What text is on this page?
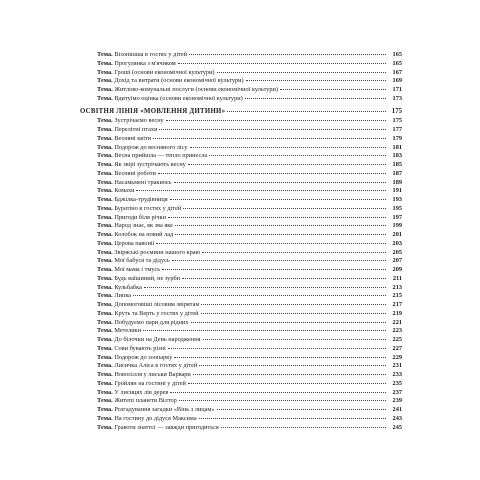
Тема. Візонішша в гостях у дітей	165
Тема. Прогулянка з м'ячиком	165
Тема. Гроші (основи економічної культури)	167
Тема. Дохід та витрати (основи економічної культури)	169
Тема. Житлово-комунальні послуги (основи економічної культури)	171
Тема. Вдитуїмо оцінка (основи економічної культури)	173
ОСВІТНЯ ЛІНІЯ «МОВЛЕННЯ ДИТИНИ»	175
Тема. Зустрічаємо весну	175
Тема. Перелітні птахи	177
Тема. Весняні квіти	179
Тема. Подорож до весняного лісу	181
Тема. Весна прийшла — тепло принесла	183
Тема. Як звірі зустрічають весну	185
Тема. Весняні роботи	187
Тема. Насамьмені тракиоєь	189
Тема. Комахи	191
Тема. Бджілка-трудівниця	193
Тема. Буратіно в гостях у дітей	195
Тема. Пригоди біля річки	197
Тема. Народ знає, як зва яке	199
Тема. Колобок на новий лад	201
Тема. Церова павоніі	203
Тема. Звіряські росмини нашого краю	205
Тема. Мої бабуся та дідусь	207
Тема. Мої мама і тмусь	209
Тема. Будь ваїшиний, не зурбн	211
Тема. Кульбабка	213
Тема. Липка	215
Тема. Допомоговіші лісовим звірятам	217
Тема. Круть та Верть у гостях у дітей	219
Тема. Побудуємо пари для рідних	221
Тема. Метелики	223
Тема. До білочки на День народження	225
Тема. Сови бувають різні	227
Тема. Подорож до зоопарку	229
Тема. Лисичка Аліса в гостях у дітей	231
Тема. Новосілля у лиськи Варвари	233
Тема. Гройлян на гостині у дітей	235
Тема. У лисицях лів дерев	237
Тема. Житепі планети Вілтор	239
Тема. Розгадування загадки «Вінь з лицам»	241
Тема. На гостину до дідуся Максима	243
Тема. Гравоти знаттєі — завжди пригодиться	245
